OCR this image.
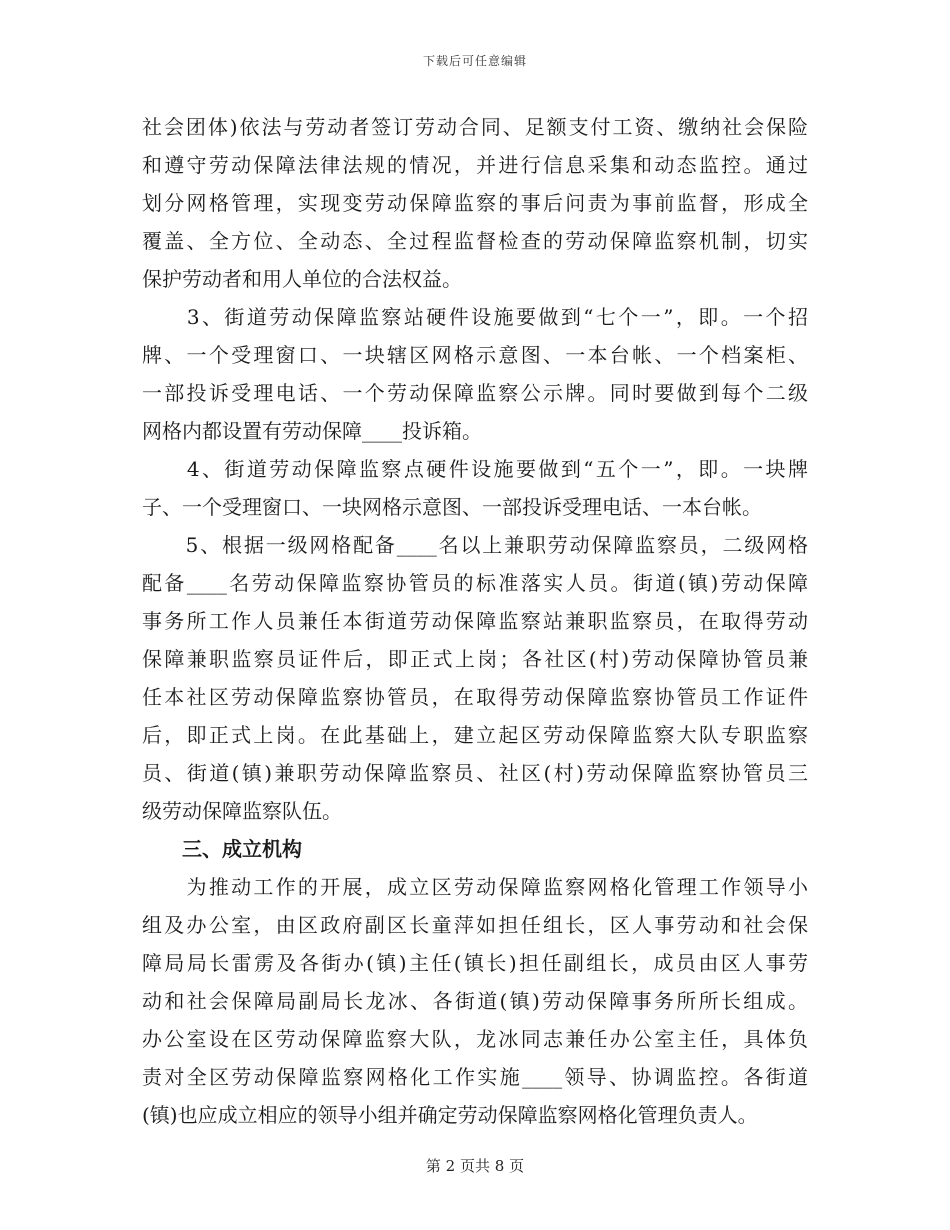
下载后可任意编辑
社会团体)依法与劳动者签订劳动合同、足额支付工资、缴纳社会保险
和遵守劳动保障法律法规的情况，并进行信息采集和动态监控。通过
划分网格管理，实现变劳动保障监察的事后问责为事前监督，形成全
覆盖、全方位、全动态、全过程监督检查的劳动保障监察机制，切实
保护劳动者和用人单位的合法权益。
　　3、街道劳动保障监察站硬件设施要做到“七个一”，即。一个招
牌、一个受理窗口、一块辖区网格示意图、一本台帐、一个档案柜、
一部投诉受理电话、一个劳动保障监察公示牌。同时要做到每个二级
网格内都设置有劳动保障____投诉箱。
　　4、街道劳动保障监察点硬件设施要做到“五个一”，即。一块牌
子、一个受理窗口、一块网格示意图、一部投诉受理电话、一本台帐。
　　5、根据一级网格配备____名以上兼职劳动保障监察员，二级网格
配备____名劳动保障监察协管员的标准落实人员。街道(镇)劳动保障
事务所工作人员兼任本街道劳动保障监察站兼职监察员，在取得劳动
保障兼职监察员证件后，即正式上岗；各社区(村)劳动保障协管员兼
任本社区劳动保障监察协管员，在取得劳动保障监察协管员工作证件
后，即正式上岗。在此基础上，建立起区劳动保障监察大队专职监察
员、街道(镇)兼职劳动保障监察员、社区(村)劳动保障监察协管员三
级劳动保障监察队伍。
　　三、成立机构
　　为推动工作的开展，成立区劳动保障监察网格化管理工作领导小
组及办公室，由区政府副区长童萍如担任组长，区人事劳动和社会保
障局局长雷雳及各街办(镇)主任(镇长)担任副组长，成员由区人事劳
动和社会保障局副局长龙冰、各街道(镇)劳动保障事务所所长组成。
办公室设在区劳动保障监察大队，龙冰同志兼任办公室主任，具体负
责对全区劳动保障监察网格化工作实施____领导、协调监控。各街道
(镇)也应成立相应的领导小组并确定劳动保障监察网格化管理负责人。
第 2 页共 8 页
